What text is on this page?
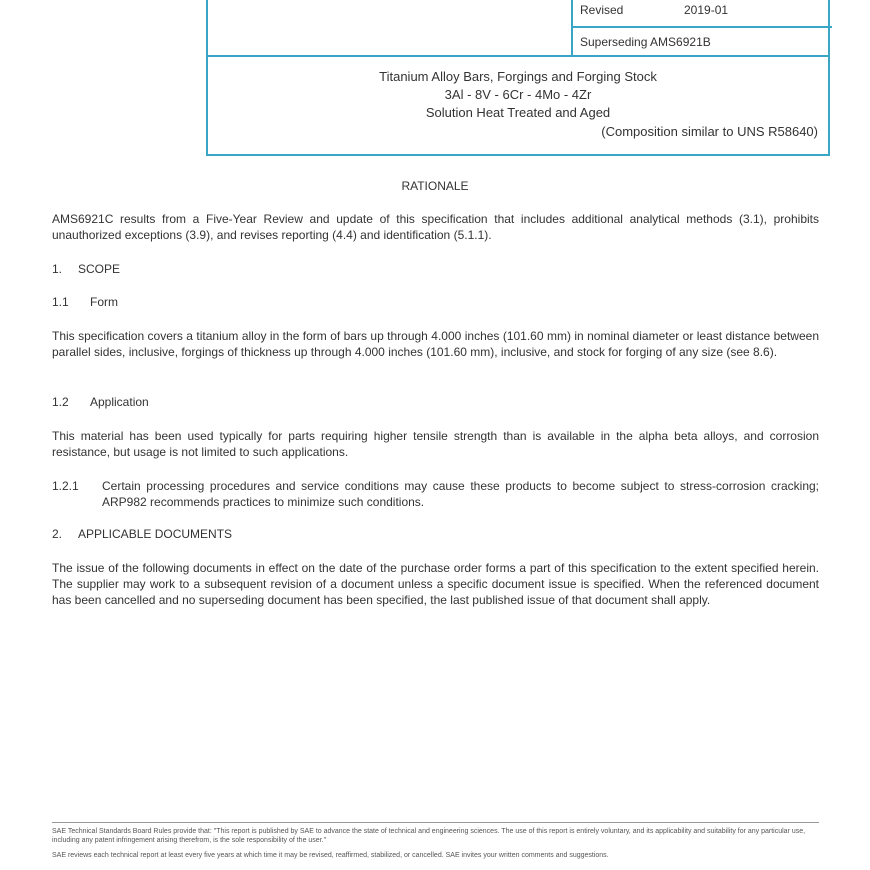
Revised	2019-01
Superseding AMS6921B
Titanium Alloy Bars, Forgings and Forging Stock
3Al - 8V - 6Cr - 4Mo - 4Zr
Solution Heat Treated and Aged
(Composition similar to UNS R58640)
RATIONALE
AMS6921C results from a Five-Year Review and update of this specification that includes additional analytical methods (3.1), prohibits unauthorized exceptions (3.9), and revises reporting (4.4) and identification (5.1.1).
1. SCOPE
1.1 Form
This specification covers a titanium alloy in the form of bars up through 4.000 inches (101.60 mm) in nominal diameter or least distance between parallel sides, inclusive, forgings of thickness up through 4.000 inches (101.60 mm), inclusive, and stock for forging of any size (see 8.6).
1.2 Application
This material has been used typically for parts requiring higher tensile strength than is available in the alpha beta alloys, and corrosion resistance, but usage is not limited to such applications.
1.2.1 Certain processing procedures and service conditions may cause these products to become subject to stress-corrosion cracking; ARP982 recommends practices to minimize such conditions.
2. APPLICABLE DOCUMENTS
The issue of the following documents in effect on the date of the purchase order forms a part of this specification to the extent specified herein. The supplier may work to a subsequent revision of a document unless a specific document issue is specified. When the referenced document has been cancelled and no superseding document has been specified, the last published issue of that document shall apply.
SAE Technical Standards Board Rules provide that: "This report is published by SAE to advance the state of technical and engineering sciences. The use of this report is entirely voluntary, and its applicability and suitability for any particular use, including any patent infringement arising therefrom, is the sole responsibility of the user."
SAE reviews each technical report at least every five years at which time it may be revised, reaffirmed, stabilized, or cancelled. SAE invites your written comments and suggestions.
